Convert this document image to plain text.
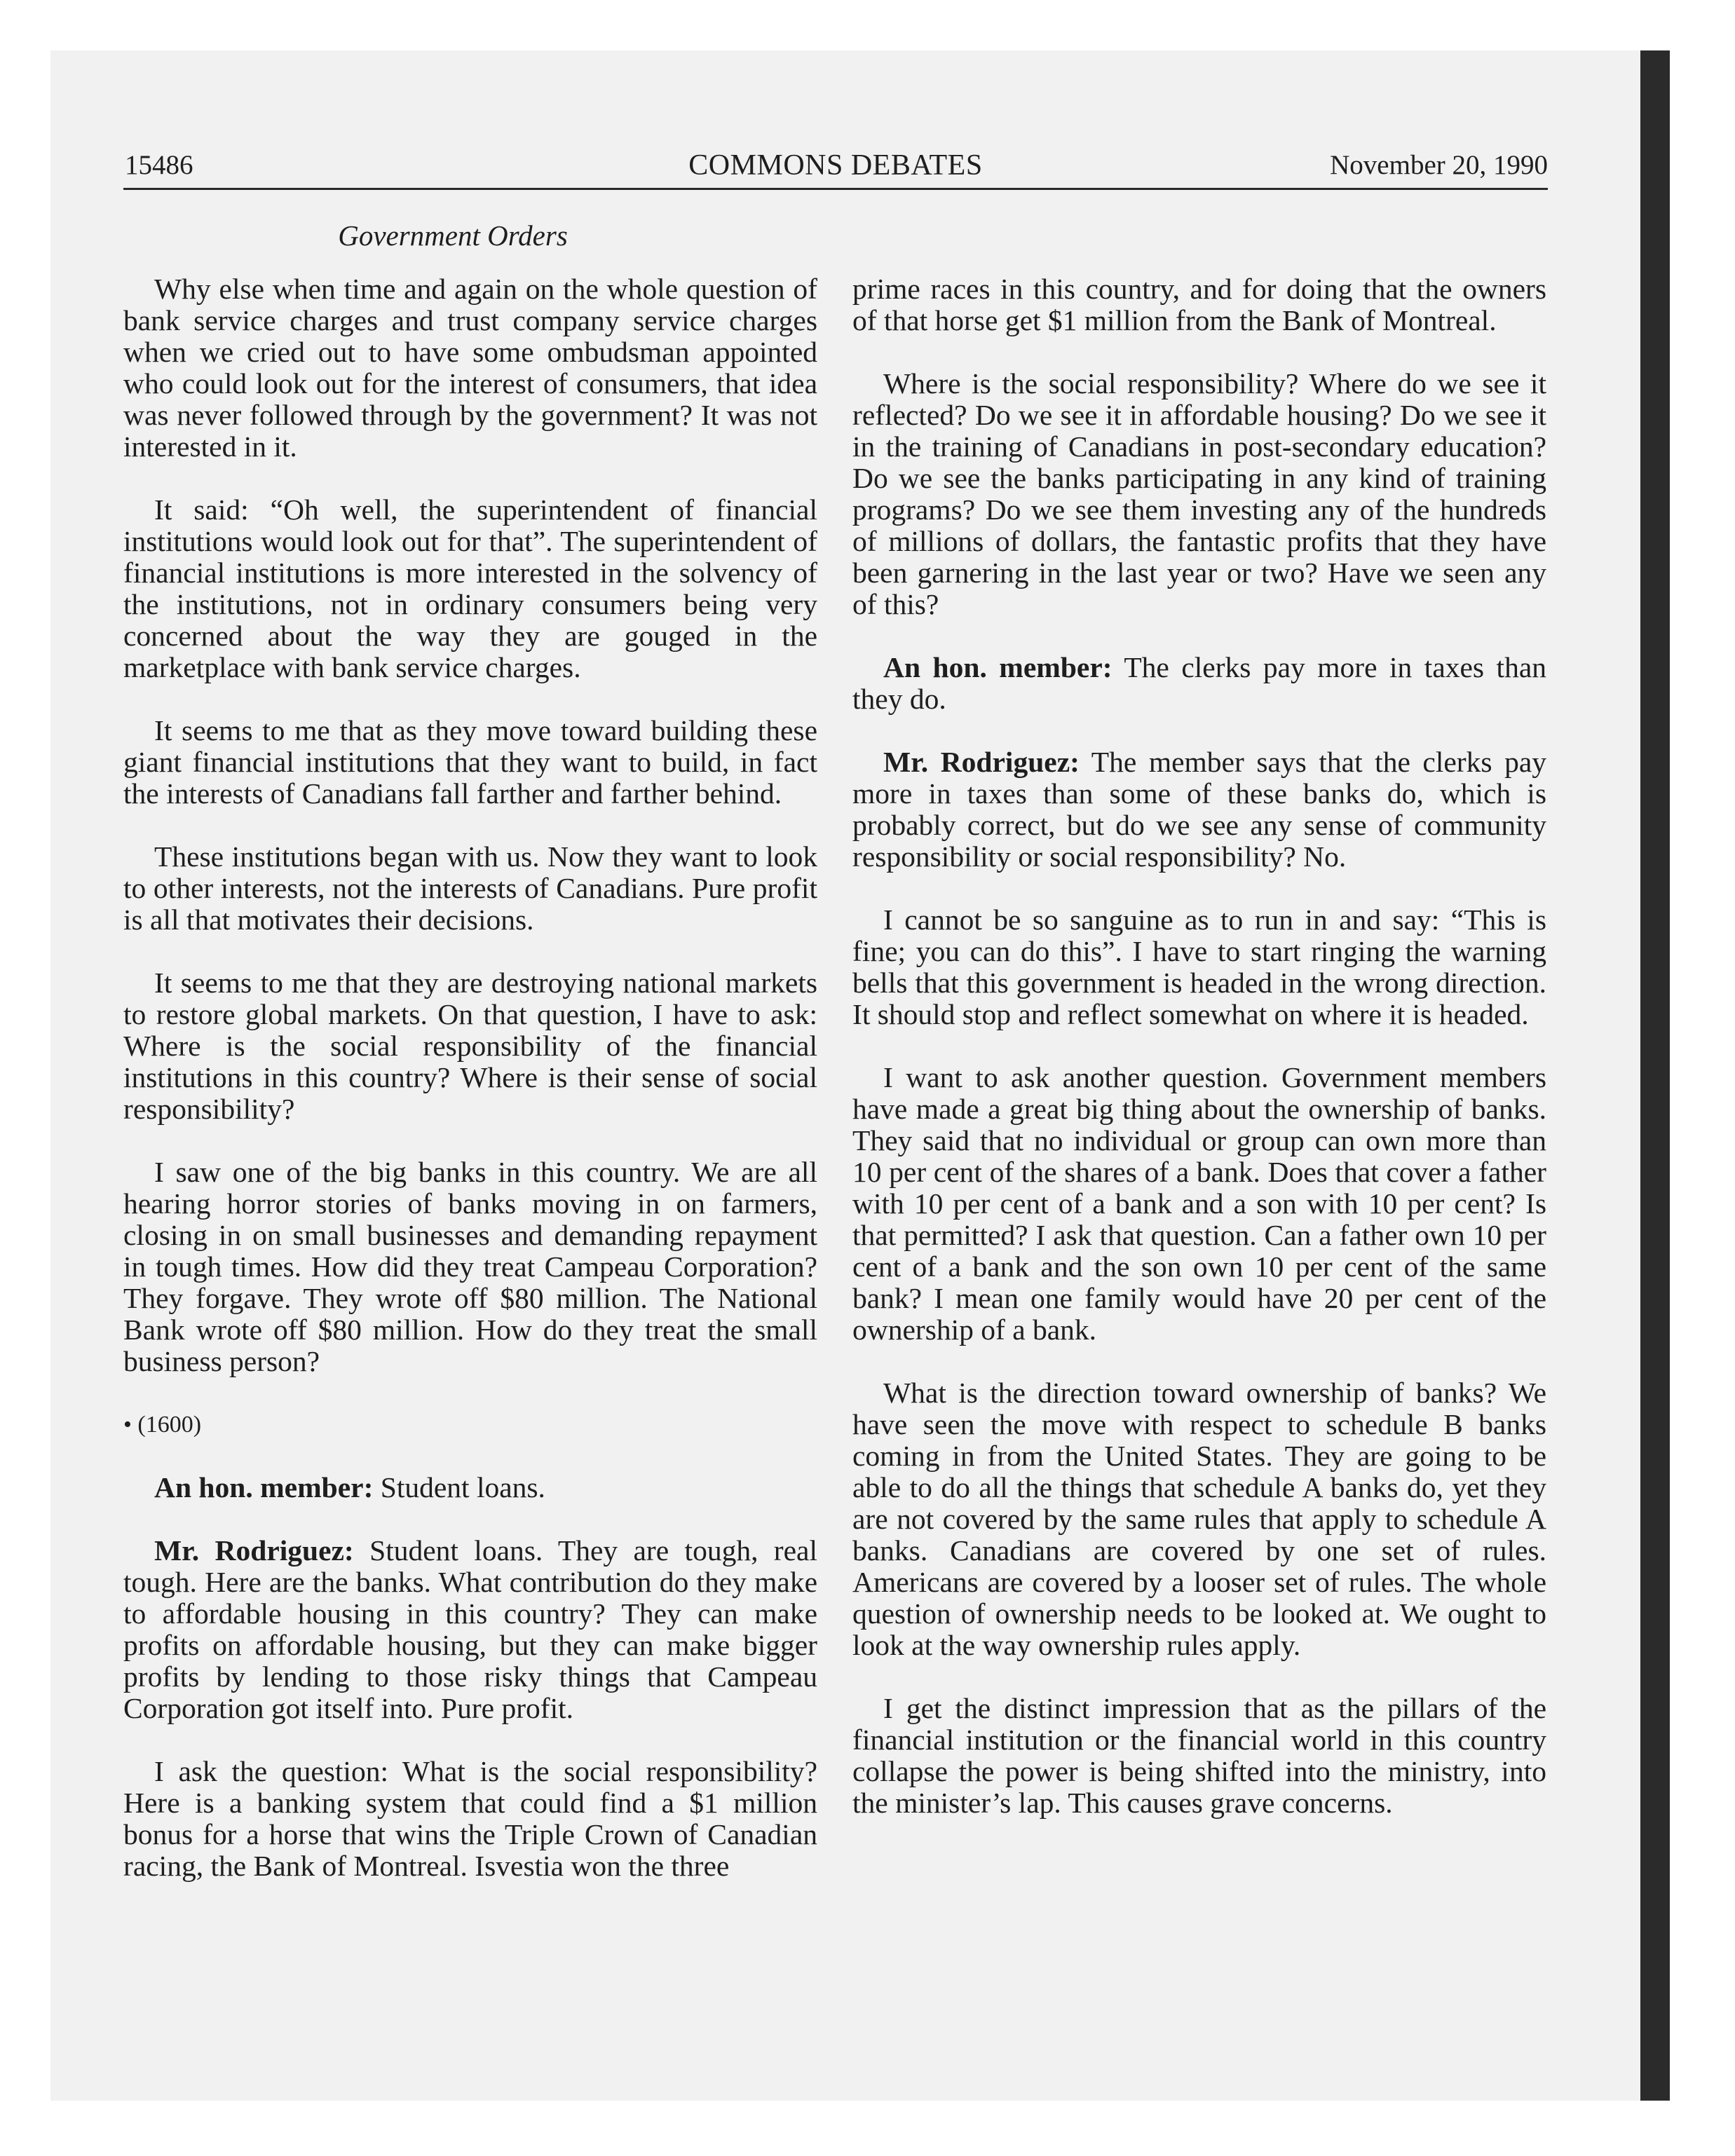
15486	COMMONS DEBATES	November 20, 1990
Government Orders

Why else when time and again on the whole question of bank service charges and trust company service charges when we cried out to have some ombudsman appointed who could look out for the interest of consumers, that idea was never followed through by the government? It was not interested in it.

It said: “Oh well, the superintendent of financial institutions would look out for that”. The superintendent of financial institutions is more interested in the solvency of the institutions, not in ordinary consumers being very concerned about the way they are gouged in the marketplace with bank service charges.

It seems to me that as they move toward building these giant financial institutions that they want to build, in fact the interests of Canadians fall farther and farther behind.

These institutions began with us. Now they want to look to other interests, not the interests of Canadians. Pure profit is all that motivates their decisions.

It seems to me that they are destroying national markets to restore global markets. On that question, I have to ask: Where is the social responsibility of the financial institutions in this country? Where is their sense of social responsibility?

I saw one of the big banks in this country. We are all hearing horror stories of banks moving in on farmers, closing in on small businesses and demanding repayment in tough times. How did they treat Campeau Corporation? They forgave. They wrote off $80 million. The National Bank wrote off $80 million. How do they treat the small business person?

• (1600)

An hon. member: Student loans.

Mr. Rodriguez: Student loans. They are tough, real tough. Here are the banks. What contribution do they make to affordable housing in this country? They can make profits on affordable housing, but they can make bigger profits by lending to those risky things that Campeau Corporation got itself into. Pure profit.

I ask the question: What is the social responsibility? Here is a banking system that could find a $1 million bonus for a horse that wins the Triple Crown of Canadian racing, the Bank of Montreal. Isvestia won the three

prime races in this country, and for doing that the owners of that horse get $1 million from the Bank of Montreal.

Where is the social responsibility? Where do we see it reflected? Do we see it in affordable housing? Do we see it in the training of Canadians in post-secondary education? Do we see the banks participating in any kind of training programs? Do we see them investing any of the hundreds of millions of dollars, the fantastic profits that they have been garnering in the last year or two? Have we seen any of this?

An hon. member: The clerks pay more in taxes than they do.

Mr. Rodriguez: The member says that the clerks pay more in taxes than some of these banks do, which is probably correct, but do we see any sense of community responsibility or social responsibility? No.

I cannot be so sanguine as to run in and say: “This is fine; you can do this”. I have to start ringing the warning bells that this government is headed in the wrong direction. It should stop and reflect somewhat on where it is headed.

I want to ask another question. Government members have made a great big thing about the ownership of banks. They said that no individual or group can own more than 10 per cent of the shares of a bank. Does that cover a father with 10 per cent of a bank and a son with 10 per cent? Is that permitted? I ask that question. Can a father own 10 per cent of a bank and the son own 10 per cent of the same bank? I mean one family would have 20 per cent of the ownership of a bank.

What is the direction toward ownership of banks? We have seen the move with respect to schedule B banks coming in from the United States. They are going to be able to do all the things that schedule A banks do, yet they are not covered by the same rules that apply to schedule A banks. Canadians are covered by one set of rules. Americans are covered by a looser set of rules. The whole question of ownership needs to be looked at. We ought to look at the way ownership rules apply.

I get the distinct impression that as the pillars of the financial institution or the financial world in this country collapse the power is being shifted into the ministry, into the minister’s lap. This causes grave concerns.
